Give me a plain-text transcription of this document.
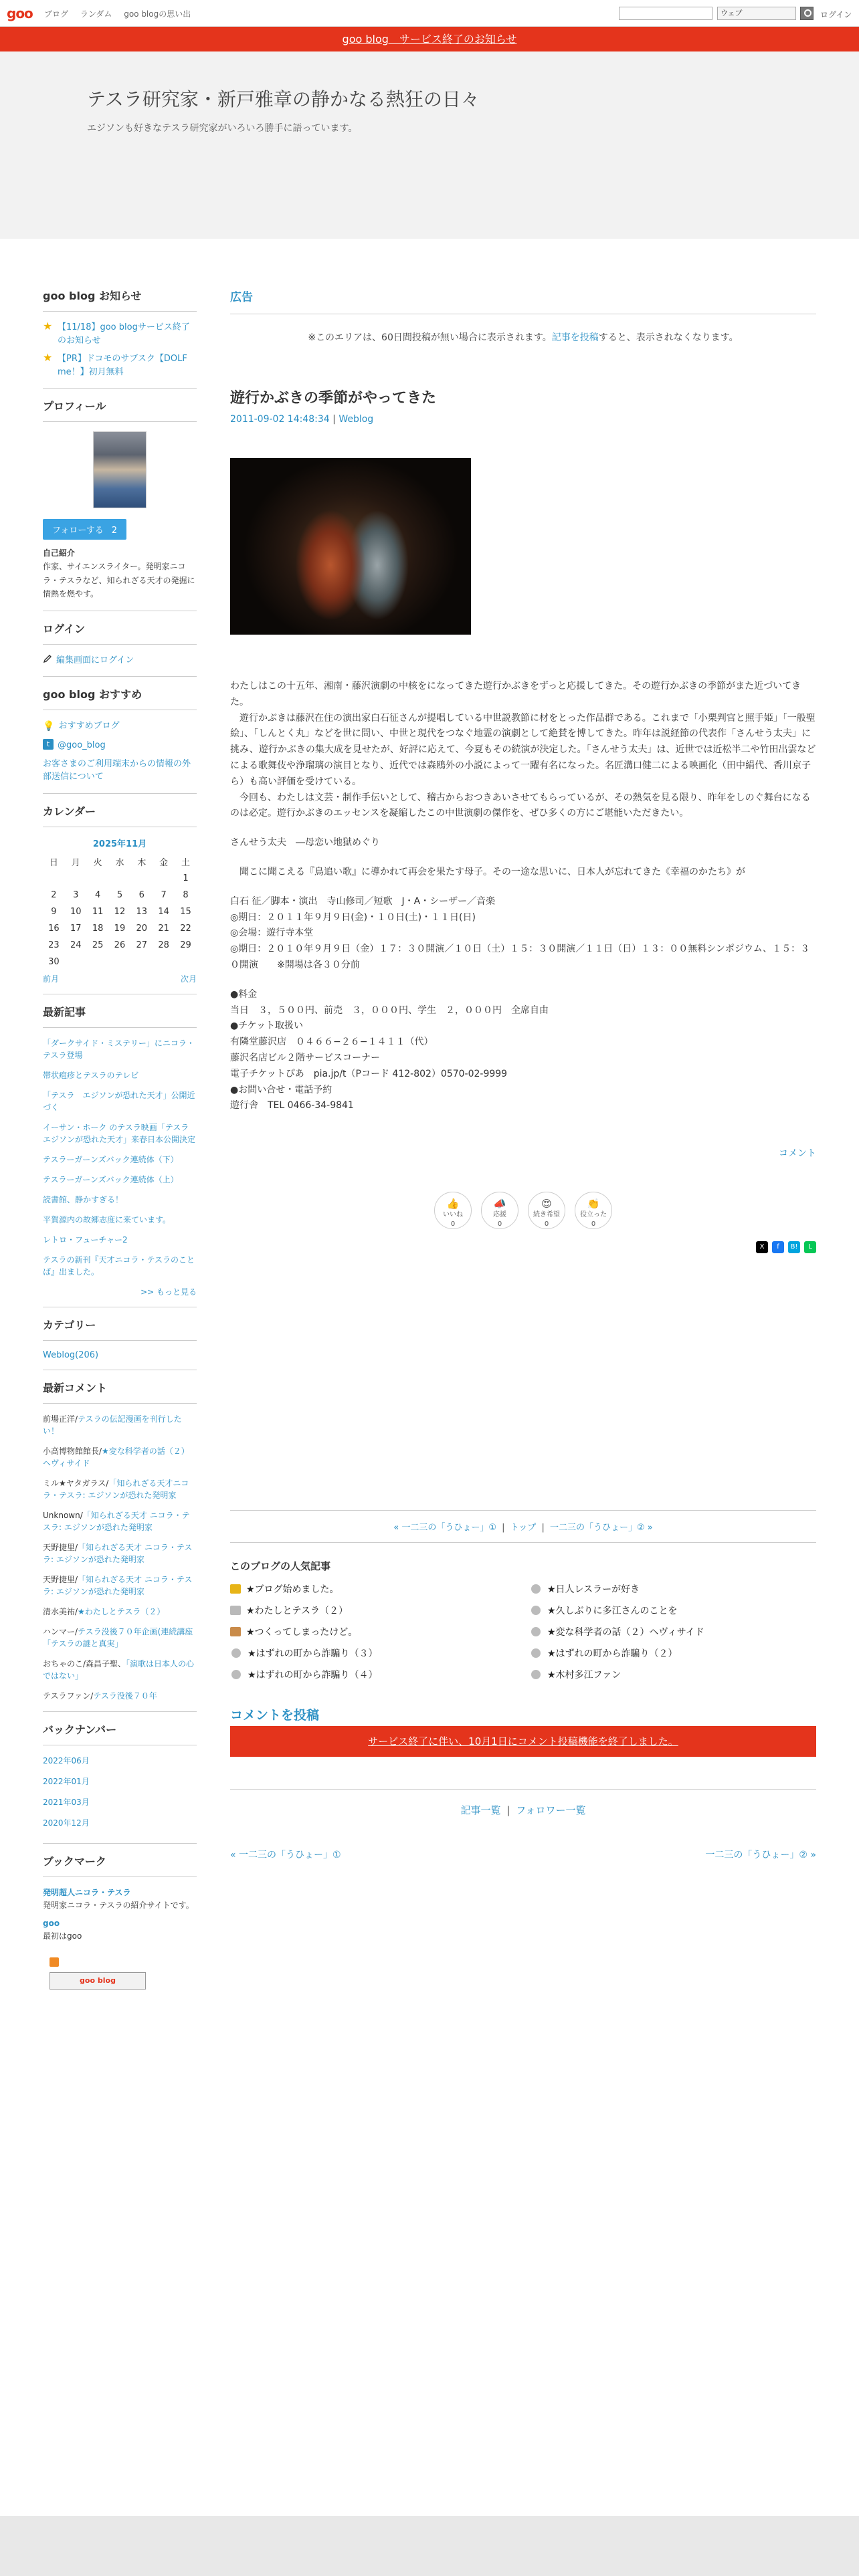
goo ブログ ランダム goo blogの思い出	ウェブ	ログイン
goo blog　サービス終了のお知らせ
テスラ研究家・新戸雅章の静かなる熱狂の日々
エジソンも好きなテスラ研究家がいろいろ勝手に語っています。
goo blog お知らせ
★ 【11/18】goo blogサービス終了のお知らせ
★ 【PR】ドコモのサブスク【DOLF me！】初月無料
プロフィール
フォローする 2
自己紹介
作家、サイエンスライター。発明家ニコラ・テスラなど、知られざる天才の発掘に情熱を燃やす。
ログイン
編集画面にログイン
goo blog おすすめ
💡 おすすめブログ
t @goo_blog
お客さまのご利用端末からの情報の外部送信について
カレンダー
2025年11月
日	月	火	水	木	金	土
						1
2	3	4	5	6	7	8
9	10	11	12	13	14	15
16	17	18	19	20	21	22
23	24	25	26	27	28	29
30						
前月	次月
最新記事
「ダークサイド・ミステリー」にニコラ・テスラ登場
帯状疱疹とテスラのテレビ
「テスラ　エジソンが恐れた天才」公開近づく
イーサン・ホーク のテスラ映画「テスラ　エジソンが恐れた天才」来春日本公開決定
テスラーガーンズバック連続体（下）
テスラーガーンズバック連続体（上）
読書館、静かすぎる！
平賀源内の故郷志度に来ています。
レトロ・フューチャー2
テスラの新刊『天才ニコラ・テスラのことば』出ました。
>> もっと見る
カテゴリー
Weblog(206)
最新コメント
前場正洋/テスラの伝記漫画を刊行したい！
小高博物館館長/★変な科学者の話（２）ヘヴィサイド
ミル★ヤタガラス/「知られざる天才ニコラ・テスラ: エジソンが恐れた発明家
Unknown/「知られざる天才 ニコラ・テスラ: エジソンが恐れた発明家
天野捷里/「知られざる天才 ニコラ・テスラ: エジソンが恐れた発明家
天野捷里/「知られざる天才 ニコラ・テスラ: エジソンが恐れた発明家
清水美祐/★わたしとテスラ（２）
ハンマー/テスラ没後７０年企画(連続講座「テスラの謎と真実」
おちゃのこ/森昌子聖、「演歌は日本人の心ではない」
テスラファン/テスラ没後７０年
バックナンバー
2022年06月
2022年01月
2021年03月
2020年12月
ブックマーク
発明超人ニコラ・テスラ
発明家ニコラ・テスラの紹介サイトです。
goo
最初はgoo
goo blog
広告
※このエリアは、60日間投稿が無い場合に表示されます。記事を投稿すると、表示されなくなります。
遊行かぶきの季節がやってきた
2011-09-02 14:48:34 | Weblog

わたしはこの十五年、湘南・藤沢演劇の中核をになってきた遊行かぶきをずっと応援してきた。その遊行かぶきの季節がまた近づいてきた。

　遊行かぶきは藤沢在住の演出家白石征さんが提唱している中世説教節に材をとった作品群である。これまで「小栗判官と照手姫」「一般聖絵」、「しんとく丸」などを世に問い、中世と現代をつなぐ地霊の演劇として絶賛を博してきた。昨年は説経節の代表作「さんせう太夫」に挑み、遊行かぶきの集大成を見せたが、好評に応えて、今夏もその続演が決定した。「さんせう太夫」は、近世では近松半二や竹田出雲などによる歌舞伎や浄瑠璃の演目となり、近代では森鴎外の小説によって一躍有名になった。名匠溝口健二による映画化（田中絹代、香川京子ら）も高い評価を受けている。

　今回も、わたしは文芸・制作手伝いとして、稽古からおつきあいさせてもらっているが、その熱気を見る限り、昨年をしのぐ舞台になるのは必定。遊行かぶきのエッセンスを凝縮したこの中世演劇の傑作を、ぜひ多くの方にご堪能いただきたい。

さんせう太夫　―母恋い地獄めぐり

　聞こに聞こえる『鳥追い歌』に導かれて再会を果たす母子。その一途な思いに、日本人が忘れてきた《幸福のかたち》が

白石 征／脚本・演出　寺山修司／短歌　J・A・シーザー／音楽

◎期日：２０１１年９月９日(金)・１０日(土)・１１日(日)

◎会場：遊行寺本堂

◎期日：２０１０年９月９日（金）１７：３０開演／１０日（土）１５：３０開演／１１日（日）１３：００無料シンポジウム、１５：３０開演　　※開場は各３０分前

●料金

当日　３，５００円、前売　３，０００円、学生　２，０００円　全席自由

●チケット取扱い

有隣堂藤沢店　０４６６−２６−１４１１（代）

藤沢名店ビル２階サービスコーナー

電子チケットぴあ　pia.jp/t（Pコード 412-802）0570-02-9999

●お問い合せ・電話予約

遊行舎　TEL 0466-34-9841

コメント
👍
いいね
0
📣
応援
0
😍
続き希望
0
👏
役立った
0
X	f	B!	L
« 一二三の「うひょー」① | トップ | 一二三の「うひょー」② »
このブログの人気記事
★ブログ始めました。	★日人レスラーが好き
★わたしとテスラ（２）	★久しぶりに多江さんのことを
★つくってしまったけど。	★変な科学者の話（２）ヘヴィサイド
★はずれの町から詐騙り（３）	★はずれの町から詐騙り（２）
★はずれの町から詐騙り（４）	★木村多江ファン
コメントを投稿
サービス終了に伴い、10月1日にコメント投稿機能を終了しました。
記事一覧 | フォロワー一覧
« 一二三の「うひょー」①	一二三の「うひょー」② »
